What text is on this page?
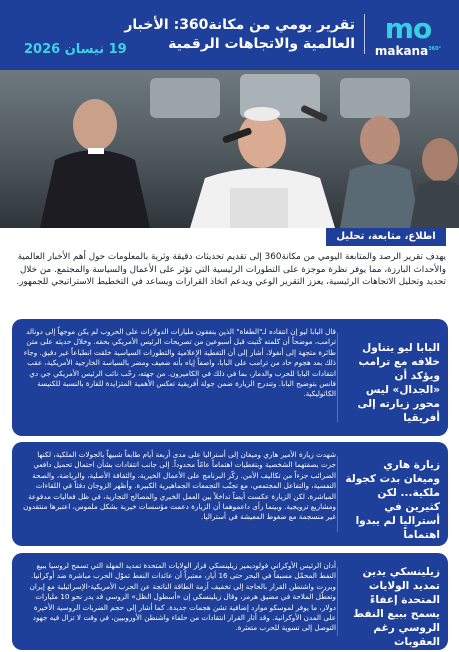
mo
makana$^{360^\circ}$
تقرير يومي من مكانة360: الأخبار العالمية والاتجاهات الرقمية
19 نيسان 2026
اطلاع، متابعة، تحليل
يهدف تقرير الرصد والمتابعة اليومي من مكانة360 إلى تقديم تحديثات دقيقة وثرية بالمعلومات حول أهم الأخبار العالمية والأحداث البارزة، مما يوفر نظرة موجزة على التطورات الرئيسية التي تؤثر على الأعمال والسياسة والمجتمع. من خلال تحديد وتحليل الاتجاهات الرئيسية، يعزز التقرير الوعي ويدعم اتخاذ القرارات ويساعد في التخطيط الاستراتيجي للجمهور.
البابا ليو يتناول خلافه مع ترامب ويؤكد أن «الجدال» ليس محور زيارته إلى أفريقيا
قال البابا ليو إن انتقاده لـ"الطغاة" الذين ينفقون مليارات الدولارات على الحروب لم يكن موجهاً إلى دونالد ترامب، موضحاً أن كلمته كُتبت قبل أسبوعين من تصريحات الرئيس الأمريكي بحقه. وخلال حديثه على متن طائرة متجهة إلى أنغولا، أشار إلى أن التغطية الإعلامية والتطورات السياسية خلقت انطباعاً غير دقيق. وجاء ذلك بعد هجوم حاد من ترامب على البابا، واصفاً إياه بأنه ضعيف ومضر بالسياسة الخارجية الأمريكية، عقب انتقادات البابا للحرب والدمار، بما في ذلك في الكاميرون. من جهته، رحّب نائب الرئيس الأمريكي جي دي فانس بتوضيح البابا. وتندرج الزيارة ضمن جولة أفريقية تعكس الأهمية المتزايدة للقارة بالنسبة للكنيسة الكاثوليكية.
زيارة هاري وميغان بدت كجولة ملكية... لكن كثيرين في أستراليا لم يبدوا اهتماماً
شهدت زيارة الأمير هاري وميغان إلى أستراليا على مدى أربعة أيام طابعاً شبيهاً بالجولات الملكية، لكنها جرت بصفتهما الشخصية وبتغطيات اهتماماً عامّاً محدوداً. إلى جانب انتقادات بشأن احتمال تحميل دافعي الضرائب جزءاً من تكاليف الأمن. ركّز البرنامج على الأعمال الخيرية، والثقافة الأصلية، والرياضة، والصحة النفسية، والتفاعل المجتمعي، مع تجنّب التجمعات الجماهيرية الكبيرة. وأظهر الزوجان دفئاً في اللقاءات المباشرة، لكن الزيارة عكست أيضاً تداخلاً بين العمل الخيري والمصالح التجارية، في ظل فعاليات مدفوعة ومشاريع ترويجية. وبينما رأى داعموهما أن الزيارة دعمت مؤسسات خيرية بشكل ملموس، اعتبرها منتقدون غير منسجمة مع ضغوط المعيشة في أستراليا.
زيلينسكي يدين تمديد الولايات المتحدة إعفاءً يسمح ببيع النفط الروسي رغم العقوبات
أدان الرئيس الأوكراني فولوديمير زيلينسكي قرار الولايات المتحدة تمديد المهلة التي تسمح لروسيا ببيع النفط المحمّل مسبقاً في البحر حتى 16 أيار، معتبراً أن عائدات النفط تموّل الحرب مباشرة ضد أوكرانيا. وبررت واشنطن القرار بالحاجة إلى تخفيف أزمة الطاقة الناتجة عن الحرب الأمريكية-الإسرائيلية مع إيران وتعطّل الملاحة في مضيق هرمز، وقال زيلينسكي إن «أسطول الظل» الروسي قد يدر نحو 10 مليارات دولار، ما يوفر لموسكو موارد إضافية تشن هجمات جديدة. كما أشار إلى حجم الضربات الروسية الأخيرة على المدن الأوكرانية. وقد أثار القرار انتقادات من حلفاء واشنطن الأوروبيين، في وقت لا تزال فيه جهود التوصل إلى تسوية للحرب متعثرة.
